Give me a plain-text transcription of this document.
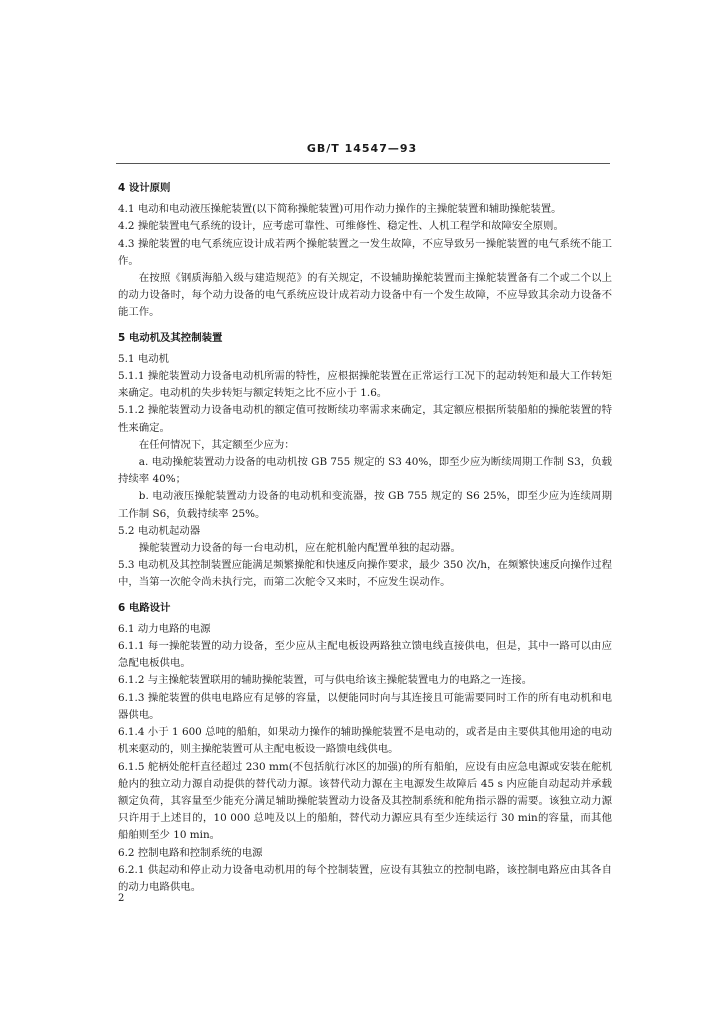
GB/T 14547—93

4 设计原则

4.1 电动和电动液压操舵装置(以下简称操舵装置)可用作动力操作的主操舵装置和辅助操舵装置。

4.2 操舵装置电气系统的设计，应考虑可靠性、可维修性、稳定性、人机工程学和故障安全原则。

4.3 操舵装置的电气系统应设计成若两个操舵装置之一发生故障，不应导致另一操舵装置的电气系统不能工作。

在按照《钢质海船入级与建造规范》的有关规定，不设辅助操舵装置而主操舵装置备有二个或二个以上的动力设备时，每个动力设备的电气系统应设计成若动力设备中有一个发生故障，不应导致其余动力设备不能工作。

5 电动机及其控制装置

5.1 电动机

5.1.1 操舵装置动力设备电动机所需的特性，应根据操舵装置在正常运行工况下的起动转矩和最大工作转矩来确定。电动机的失步转矩与额定转矩之比不应小于 1.6。

5.1.2 操舵装置动力设备电动机的额定值可按断续功率需求来确定，其定额应根据所装船舶的操舵装置的特性来确定。

在任何情况下，其定额至少应为：

a. 电动操舵装置动力设备的电动机按 GB 755 规定的 S3 40%，即至少应为断续周期工作制 S3，负载持续率 40%；

b. 电动液压操舵装置动力设备的电动机和变流器，按 GB 755 规定的 S6 25%，即至少应为连续周期工作制 S6，负载持续率 25%。

5.2 电动机起动器

操舵装置动力设备的每一台电动机，应在舵机舱内配置单独的起动器。

5.3 电动机及其控制装置应能满足频繁操舵和快速反向操作要求，最少 350 次/h，在频繁快速反向操作过程中，当第一次舵令尚未执行完，而第二次舵令又来时，不应发生误动作。

6 电路设计

6.1 动力电路的电源

6.1.1 每一操舵装置的动力设备，至少应从主配电板设两路独立馈电线直接供电，但是，其中一路可以由应急配电板供电。

6.1.2 与主操舵装置联用的辅助操舵装置，可与供电给该主操舵装置电力的电路之一连接。

6.1.3 操舵装置的供电电路应有足够的容量，以便能同时向与其连接且可能需要同时工作的所有电动机和电器供电。

6.1.4 小于 1 600 总吨的船舶，如果动力操作的辅助操舵装置不是电动的，或者是由主要供其他用途的电动机来驱动的，则主操舵装置可从主配电板设一路馈电线供电。

6.1.5 舵柄处舵杆直径超过 230 mm(不包括航行冰区的加强)的所有船舶，应设有由应急电源或安装在舵机舱内的独立动力源自动提供的替代动力源。该替代动力源在主电源发生故障后 45 s 内应能自动起动并承载额定负荷，其容量至少能充分满足辅助操舵装置动力设备及其控制系统和舵角指示器的需要。该独立动力源只许用于上述目的，10 000 总吨及以上的船舶，替代动力源应具有至少连续运行 30 min的容量，而其他船舶则至少 10 min。

6.2 控制电路和控制系统的电源

6.2.1 供起动和停止动力设备电动机用的每个控制装置，应设有其独立的控制电路，该控制电路应由其各自的动力电路供电。

2
